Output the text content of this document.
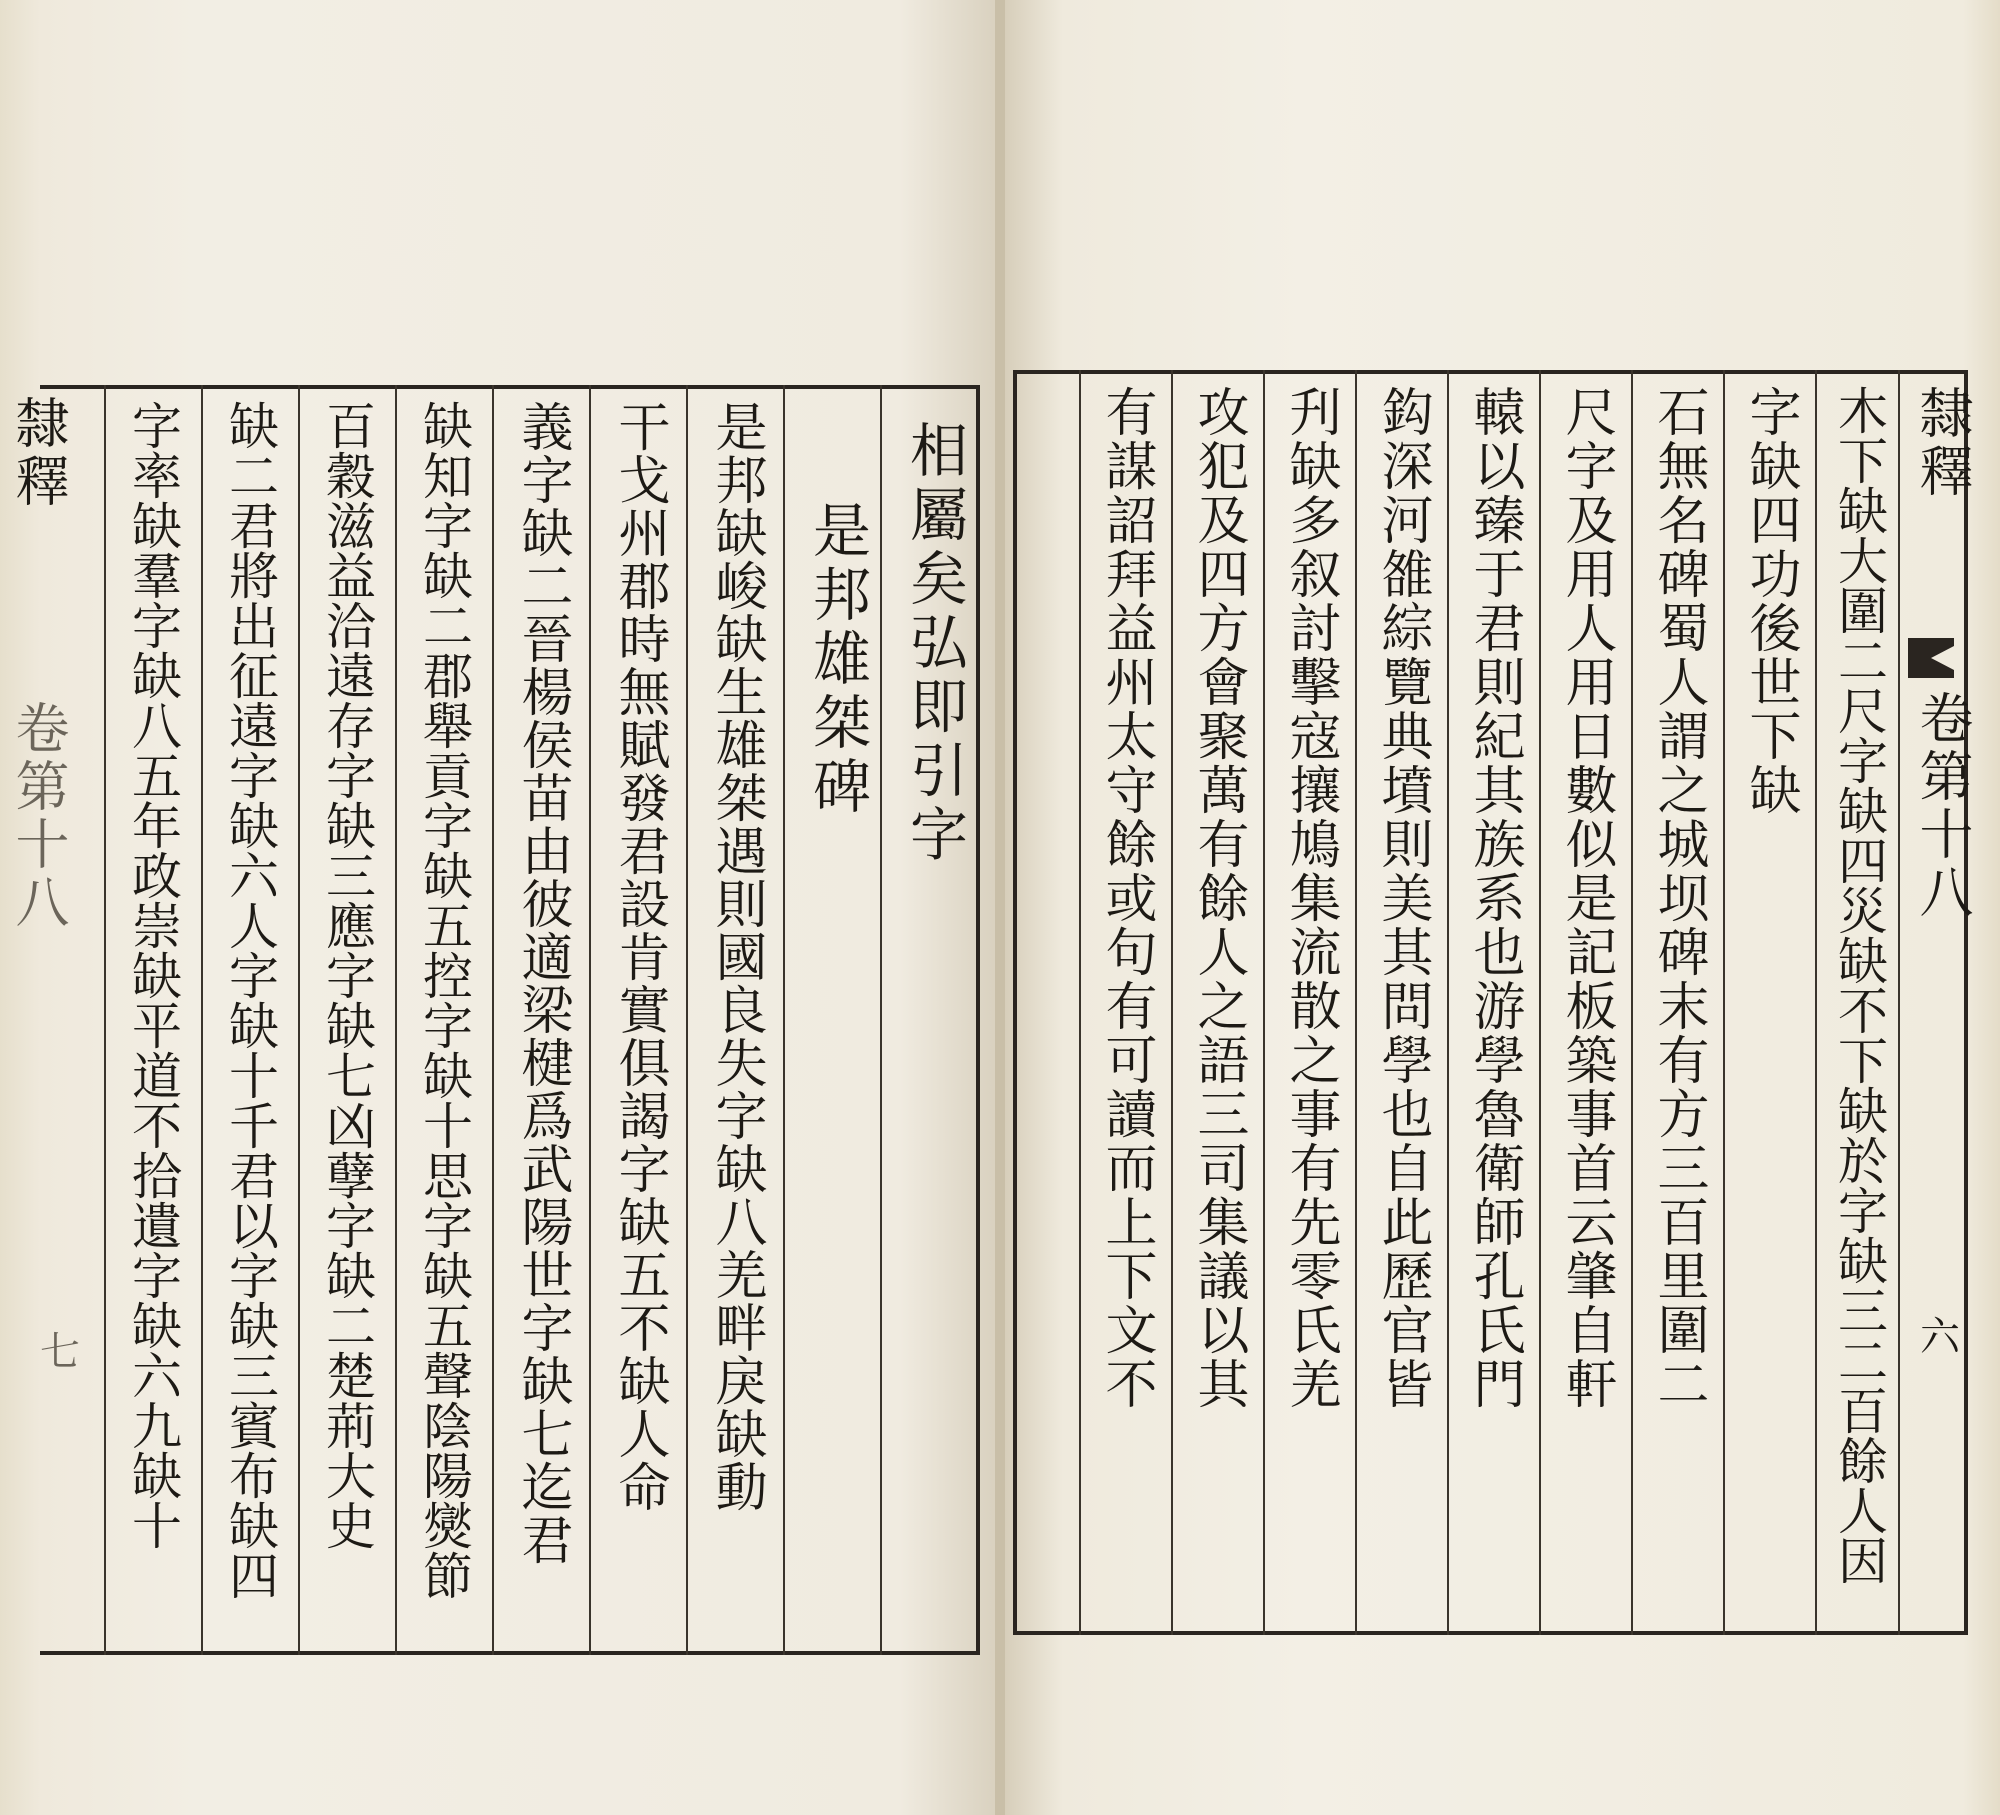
隸釋
卷第十八
七
相屬矣弘即引字
是邦雄桀碑
是邦缺峻缺生雄桀遇則國良失字缺八羌畔戾缺動
干戈州郡時無賦發君設肯實俱謁字缺五不缺人命
義字缺二晉楊侯苗由彼適梁楗爲武陽世字缺七迄君
缺知字缺二郡舉貢字缺五控字缺十思字缺五聲陰陽爕節
百穀滋益洽遠存字缺三應字缺七凶孽字缺二楚荊大史
缺二君將出征遠字缺六人字缺十千君以字缺三賓布缺四
字率缺羣字缺八五年政崇缺平道不拾遺字缺六九缺十	隸釋
卷第十八
六
木下缺大圍二尺字缺四災缺不下缺於字缺三二百餘人因
字缺四功後世下缺
石無名碑蜀人謂之城坝碑末有方三百里圍二
尺字及用人用日數似是記板築事首云肇自軒
轅以臻于君則紀其族系也游學魯衛師孔氏門
鈎深河雒綜覽典墳則美其問學也自此歷官皆
刋缺多叙討擊寇攘鳩集流散之事有先零氏羌
攻犯及四方會聚萬有餘人之語三司集議以其
有謀詔拜益州太守餘或句有可讀而上下文不
